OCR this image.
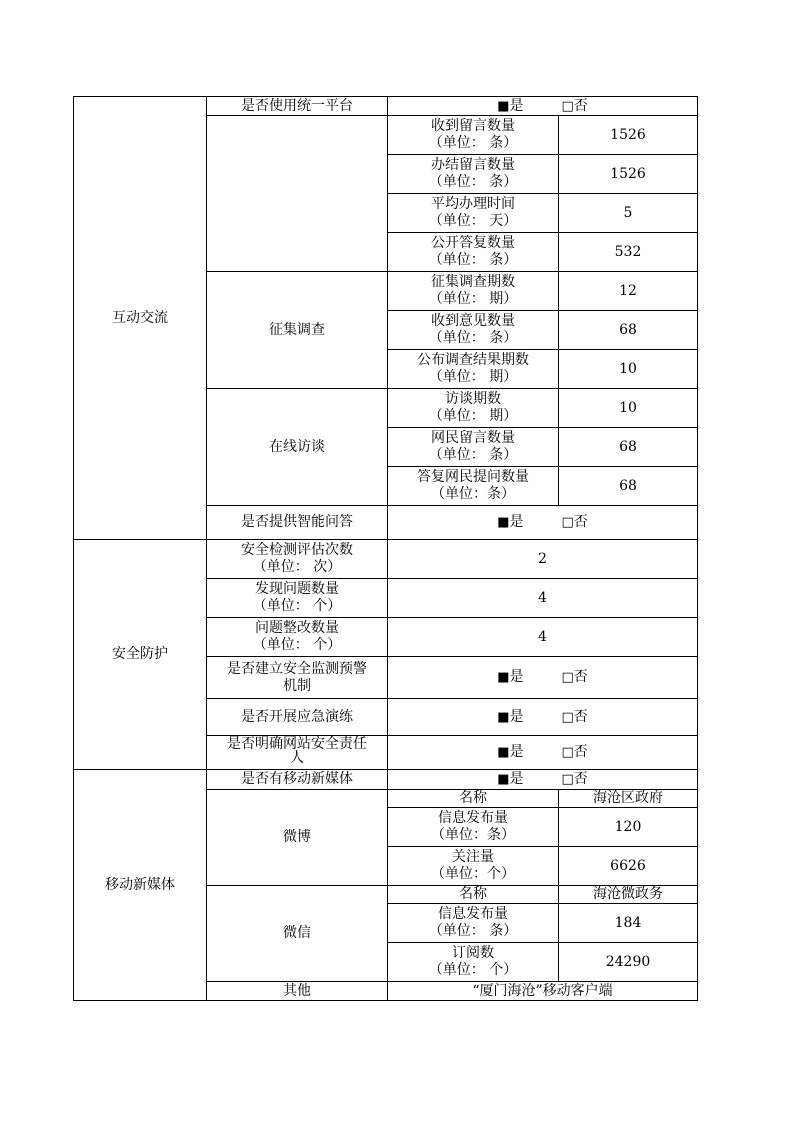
互动交流	是否使用统一平台	■是 □否	

		收到留言数量
（单位： 条）	1526

		办结留言数量
（单位： 条）	1526

		平均办理时间
（单位： 天）	5

		公开答复数量
（单位： 条）	532
	征集调查	征集调查期数
（单位： 期）	12

		收到意见数量
（单位： 条）	68

		公布调查结果期数
（单位： 期）	10
	在线访谈	访谈期数
（单位： 期）	10

		网民留言数量
（单位： 条）	68

		答复网民提问数量
（单位：条）	68
	是否提供智能问答	■是 □否	

安全防护	安全检测评估次数
（单位： 次）	2	

	发现问题数量
（单位： 个）	4	

	问题整改数量
（单位： 个）	4	

	是否建立安全监测预警
机制	■是 □否	

	是否开展应急演练	■是 □否	

	是否明确网站安全责任
人	■是 □否	
移动新媒体	是否有移动新媒体	■是 □否	
	微博	名称	海沧区政府

		信息发布量
（单位：条）	120

		关注量
（单位：个）	6626
	微信	名称	海沧微政务

		信息发布量
（单位： 条）	184

		订阅数
（单位： 个）	24290
	其他	“厦门海沧”移动客户端	
